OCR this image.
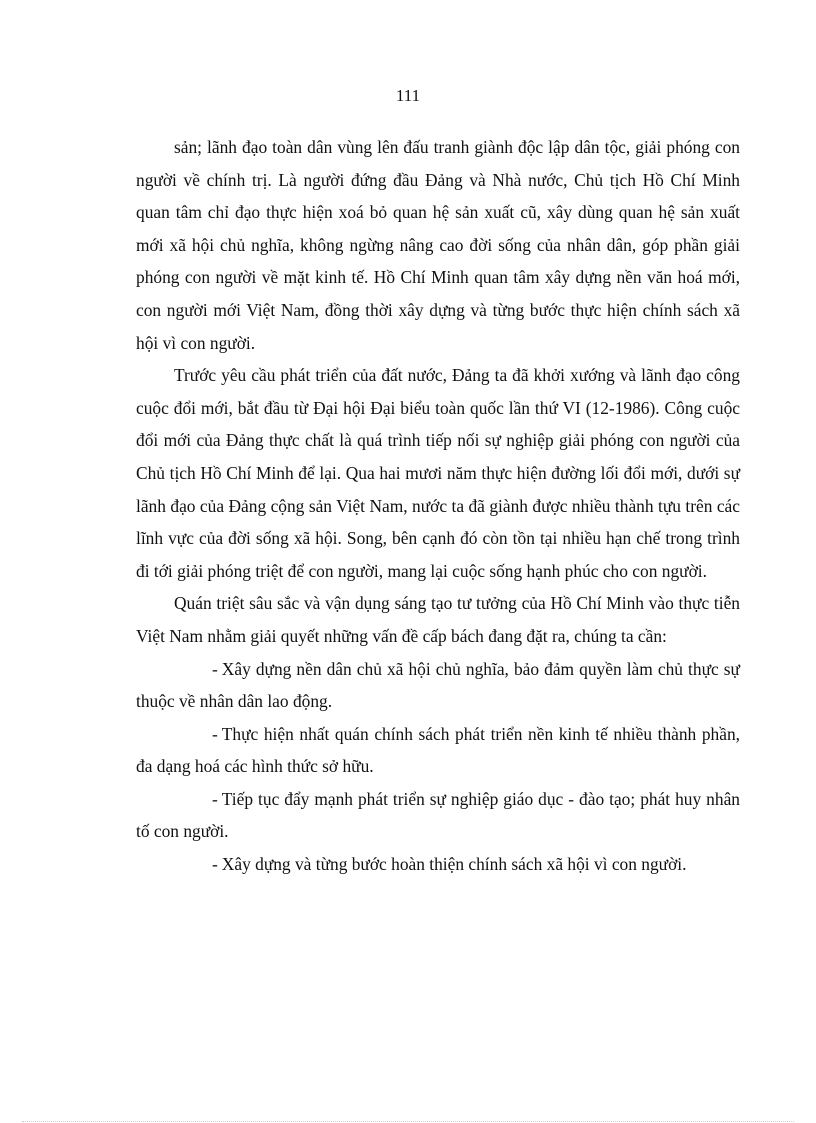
111

sản; lãnh đạo toàn dân vùng lên đấu tranh giành độc lập dân tộc, giải phóng con người về chính trị. Là người đứng đầu Đảng và Nhà nước, Chủ tịch Hồ Chí Minh quan tâm chỉ đạo thực hiện xoá bỏ quan hệ sản xuất cũ, xây dùng quan hệ sản xuất mới xã hội chủ nghĩa, không ngừng nâng cao đời sống của nhân dân, góp phần giải phóng con người về mặt kinh tế. Hồ Chí Minh quan tâm xây dựng nền văn hoá mới, con người mới Việt Nam, đồng thời xây dựng và từng bước thực hiện chính sách xã hội vì con người.

Trước yêu cầu phát triển của đất nước, Đảng ta đã khởi xướng và lãnh đạo công cuộc đổi mới, bắt đầu từ Đại hội Đại biểu toàn quốc lần thứ VI (12-1986). Công cuộc đổi mới của Đảng thực chất là quá trình tiếp nối sự nghiệp giải phóng con người của Chủ tịch Hồ Chí Minh để lại. Qua hai mươi năm thực hiện đường lối đổi mới, dưới sự lãnh đạo của Đảng cộng sản Việt Nam, nước ta đã giành được nhiều thành tựu trên các lĩnh vực của đời sống xã hội. Song, bên cạnh đó còn tồn tại nhiều hạn chế trong trình đi tới giải phóng triệt để con người, mang lại cuộc sống hạnh phúc cho con người.

Quán triệt sâu sắc và vận dụng sáng tạo tư tưởng của Hồ Chí Minh vào thực tiễn Việt Nam nhằm giải quyết những vấn đề cấp bách đang đặt ra, chúng ta cần:

- Xây dựng nền dân chủ xã hội chủ nghĩa, bảo đảm quyền làm chủ thực sự thuộc về nhân dân lao động.

- Thực hiện nhất quán chính sách phát triển nền kinh tế nhiều thành phần, đa dạng hoá các hình thức sở hữu.

- Tiếp tục đẩy mạnh phát triển sự nghiệp giáo dục - đào tạo; phát huy nhân tố con người.

- Xây dựng và từng bước hoàn thiện chính sách xã hội vì con người.
